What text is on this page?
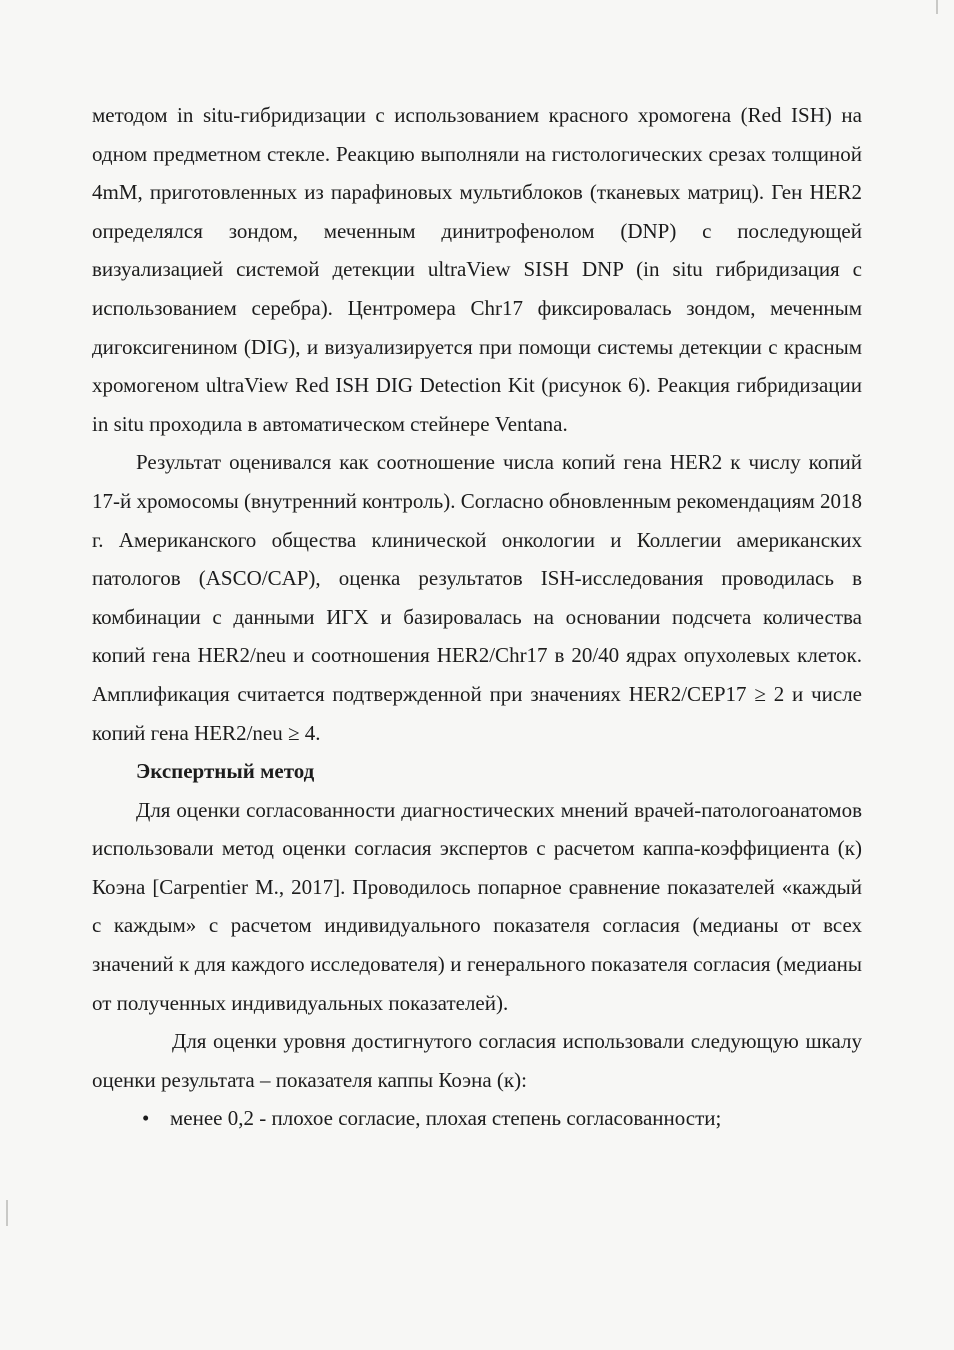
методом in situ-гибридизации с использованием красного хромогена (Red ISH) на одном предметном стекле. Реакцию выполняли на гистологических срезах толщиной 4mM, приготовленных из парафиновых мультиблоков (тканевых матриц). Ген HER2 определялся зондом, меченным динитрофенолом (DNP) с последующей визуализацией системой детекции ultraView SISH DNP (in situ гибридизация с использованием серебра). Центромера Chr17 фиксировалась зондом, меченным дигоксигенином (DIG), и визуализируется при помощи системы детекции с красным хромогеном ultraView Red ISH DIG Detection Kit (рисунок 6). Реакция гибридизации in situ проходила в автоматическом стейнере Ventana.

Результат оценивался как соотношение числа копий гена HER2 к числу копий 17-й хромосомы (внутренний контроль). Согласно обновленным рекомендациям 2018 г. Американского общества клинической онкологии и Коллегии американских патологов (ASCO/CAP), оценка результатов ISH-исследования проводилась в комбинации с данными ИГХ и базировалась на основании подсчета количества копий гена HER2/neu и соотношения HER2/Chr17 в 20/40 ядрах опухолевых клеток. Амплификация считается подтвержденной при значениях HER2/CEP17 ≥ 2 и числе копий гена HER2/neu ≥ 4.

Экспертный метод

Для оценки согласованности диагностических мнений врачей-патологоанатомов использовали метод оценки согласия экспертов с расчетом каппа-коэффициента (к) Коэна [Carpentier M., 2017]. Проводилось попарное сравнение показателей «каждый с каждым» с расчетом индивидуального показателя согласия (медианы от всех значений к для каждого исследователя) и генерального показателя согласия (медианы от полученных индивидуальных показателей).

Для оценки уровня достигнутого согласия использовали следующую шкалу оценки результата – показателя каппы Коэна (к):

• менее 0,2 - плохое согласие, плохая степень согласованности;
